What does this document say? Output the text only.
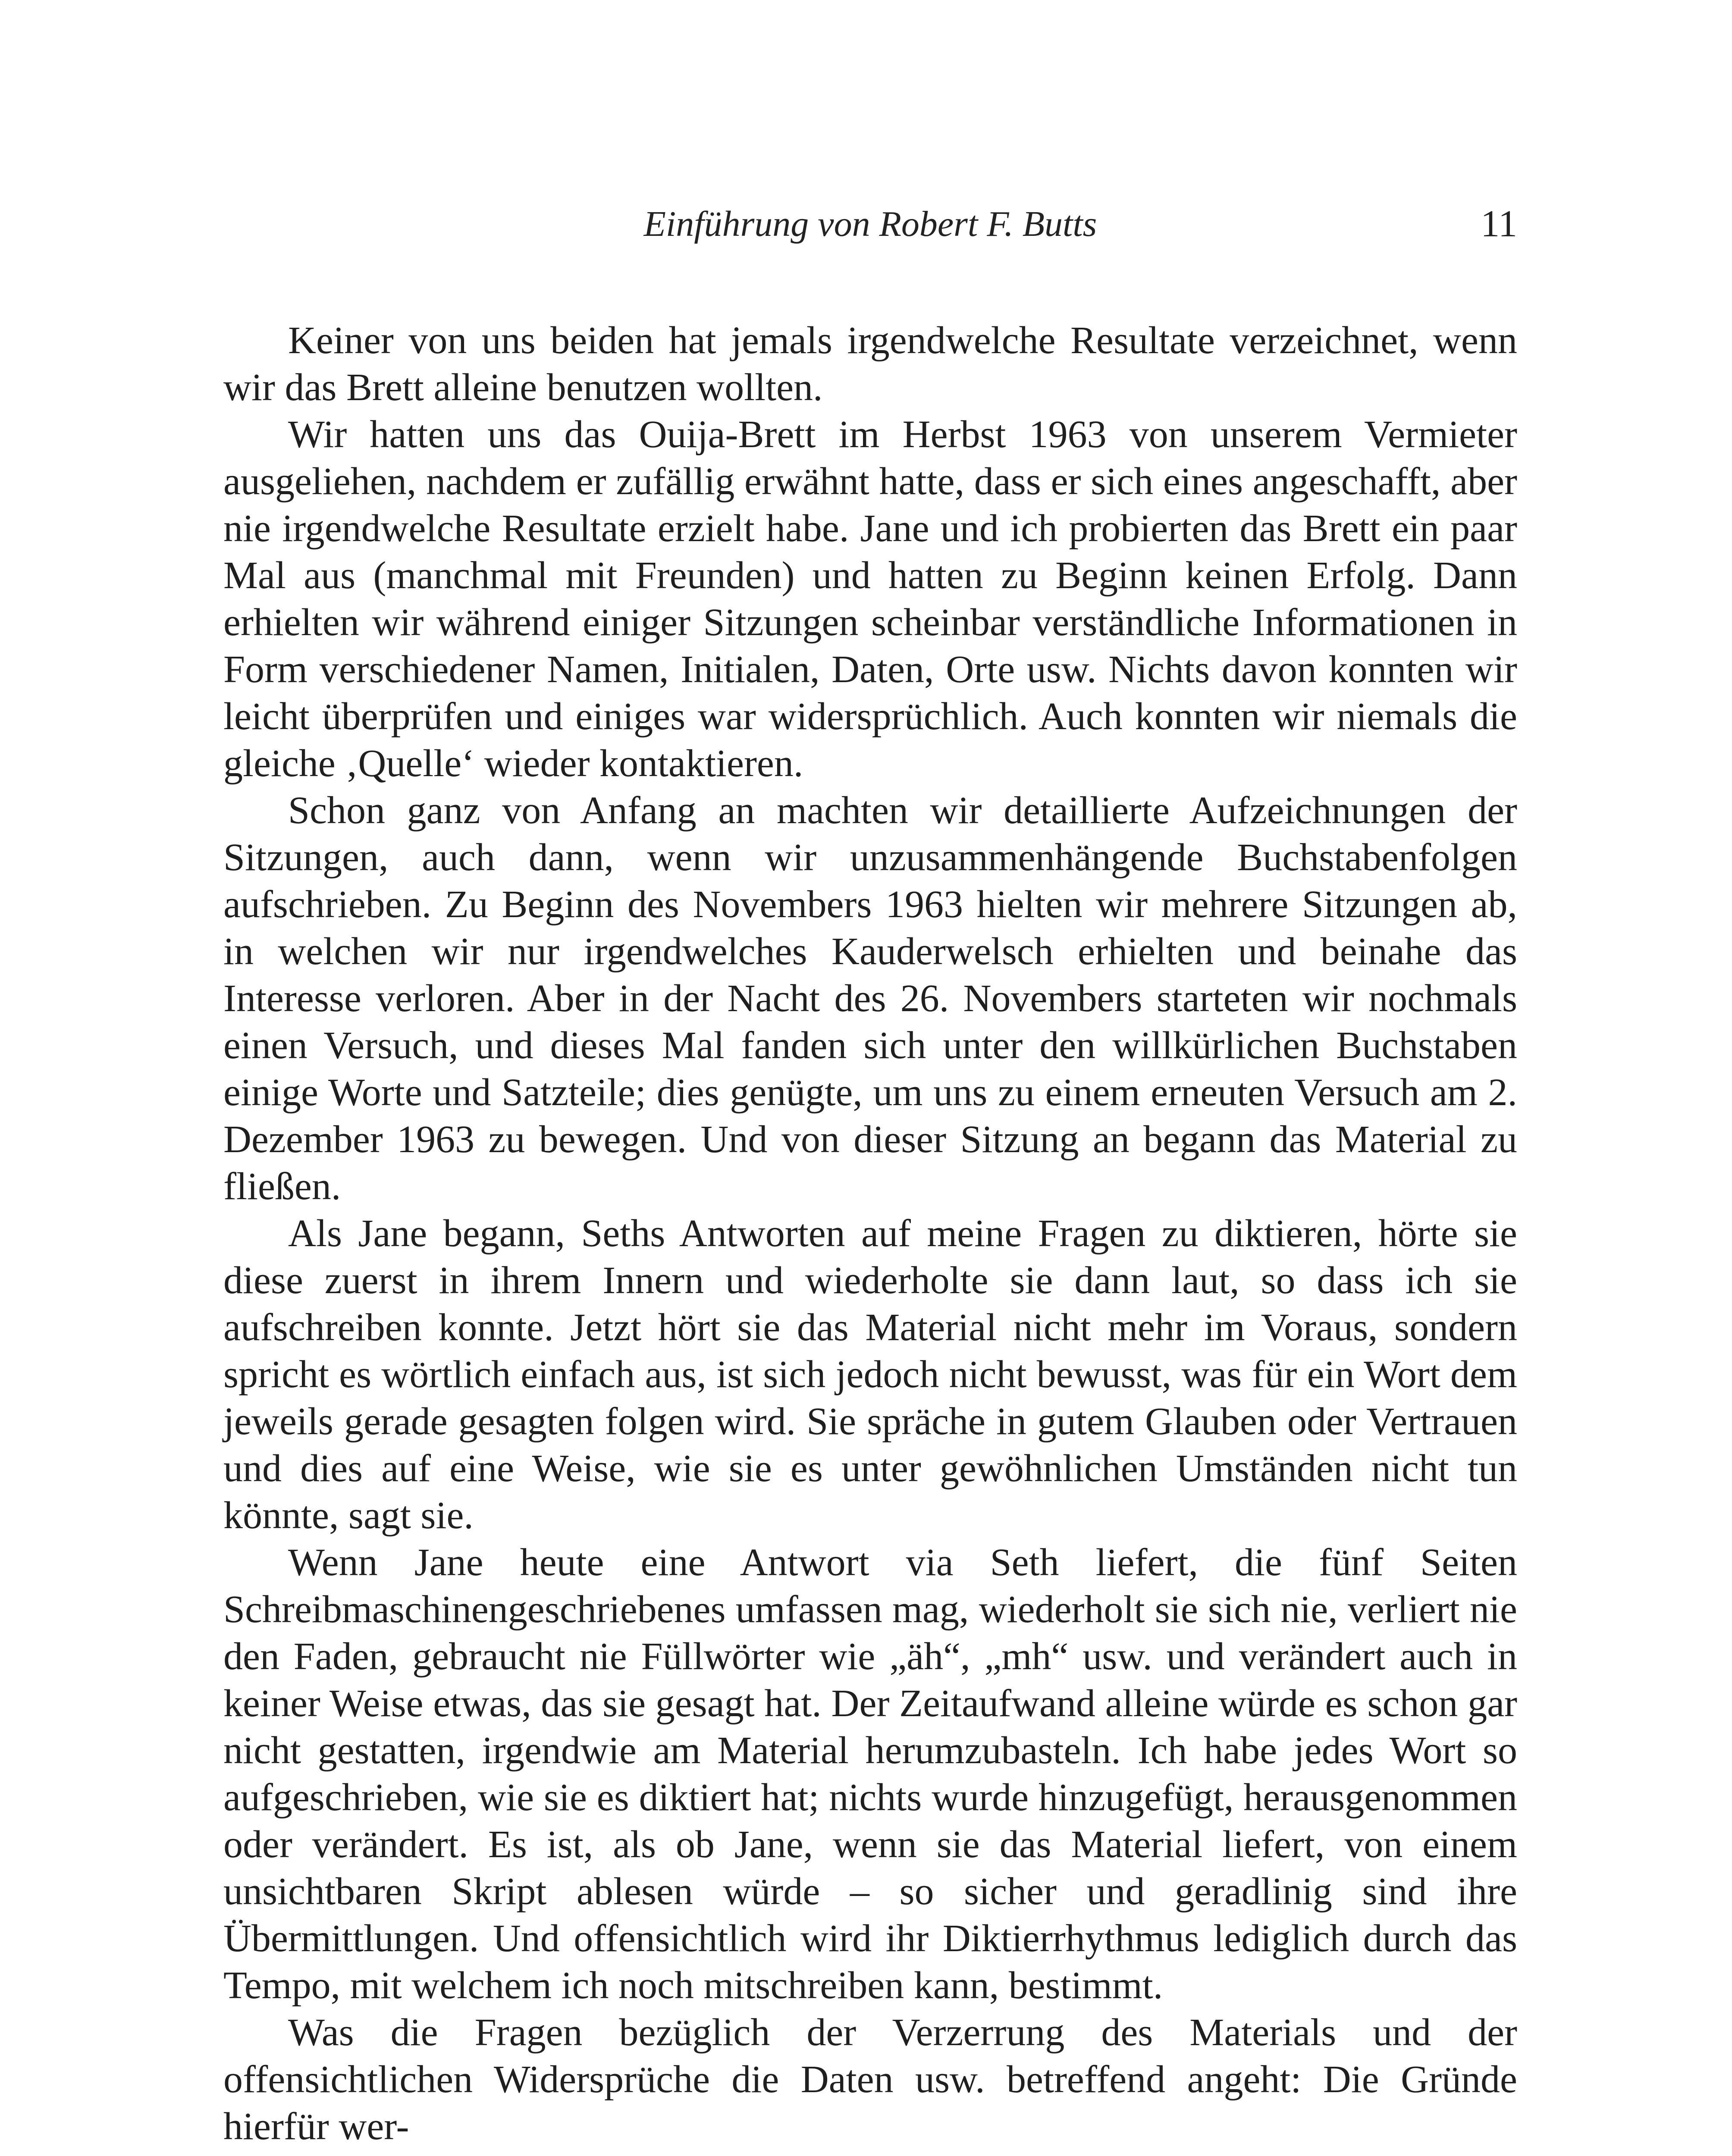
Einführung von Robert F. Butts	11

Keiner von uns beiden hat jemals irgendwelche Resultate verzeichnet, wenn wir das Brett alleine benutzen wollten.

Wir hatten uns das Ouija-Brett im Herbst 1963 von unserem Vermieter ausgeliehen, nachdem er zufällig erwähnt hatte, dass er sich eines angeschafft, aber nie irgendwelche Resultate erzielt habe. Jane und ich probierten das Brett ein paar Mal aus (manchmal mit Freunden) und hatten zu Beginn keinen Erfolg. Dann erhielten wir während einiger Sitzungen scheinbar verständliche Informationen in Form verschiedener Namen, Initialen, Daten, Orte usw. Nichts davon konnten wir leicht überprüfen und einiges war widersprüchlich. Auch konnten wir niemals die gleiche ‚Quelle‘ wieder kontaktieren.

Schon ganz von Anfang an machten wir detaillierte Aufzeichnungen der Sitzungen, auch dann, wenn wir unzusammenhängende Buchstabenfolgen aufschrieben. Zu Beginn des Novembers 1963 hielten wir mehrere Sitzungen ab, in welchen wir nur irgendwelches Kauderwelsch erhielten und beinahe das Interesse verloren. Aber in der Nacht des 26. Novembers starteten wir nochmals einen Versuch, und dieses Mal fanden sich unter den willkürlichen Buchstaben einige Worte und Satzteile; dies genügte, um uns zu einem erneuten Versuch am 2. Dezember 1963 zu bewegen. Und von dieser Sitzung an begann das Material zu fließen.

Als Jane begann, Seths Antworten auf meine Fragen zu diktieren, hörte sie diese zuerst in ihrem Innern und wiederholte sie dann laut, so dass ich sie aufschreiben konnte. Jetzt hört sie das Material nicht mehr im Voraus, sondern spricht es wörtlich einfach aus, ist sich jedoch nicht bewusst, was für ein Wort dem jeweils gerade gesagten folgen wird. Sie spräche in gutem Glauben oder Vertrauen und dies auf eine Weise, wie sie es unter gewöhnlichen Umständen nicht tun könnte, sagt sie.

Wenn Jane heute eine Antwort via Seth liefert, die fünf Seiten Schreibmaschinengeschriebenes umfassen mag, wiederholt sie sich nie, verliert nie den Faden, gebraucht nie Füllwörter wie „äh“, „mh“ usw. und verändert auch in keiner Weise etwas, das sie gesagt hat. Der Zeitaufwand alleine würde es schon gar nicht gestatten, irgendwie am Material herumzubasteln. Ich habe jedes Wort so aufgeschrieben, wie sie es diktiert hat; nichts wurde hinzugefügt, herausgenommen oder verändert. Es ist, als ob Jane, wenn sie das Material liefert, von einem unsichtbaren Skript ablesen würde – so sicher und geradlinig sind ihre Übermittlungen. Und offensichtlich wird ihr Diktierrhythmus lediglich durch das Tempo, mit welchem ich noch mitschreiben kann, bestimmt.

Was die Fragen bezüglich der Verzerrung des Materials und der offensichtlichen Widersprüche die Daten usw. betreffend angeht: Die Gründe hierfür wer-
